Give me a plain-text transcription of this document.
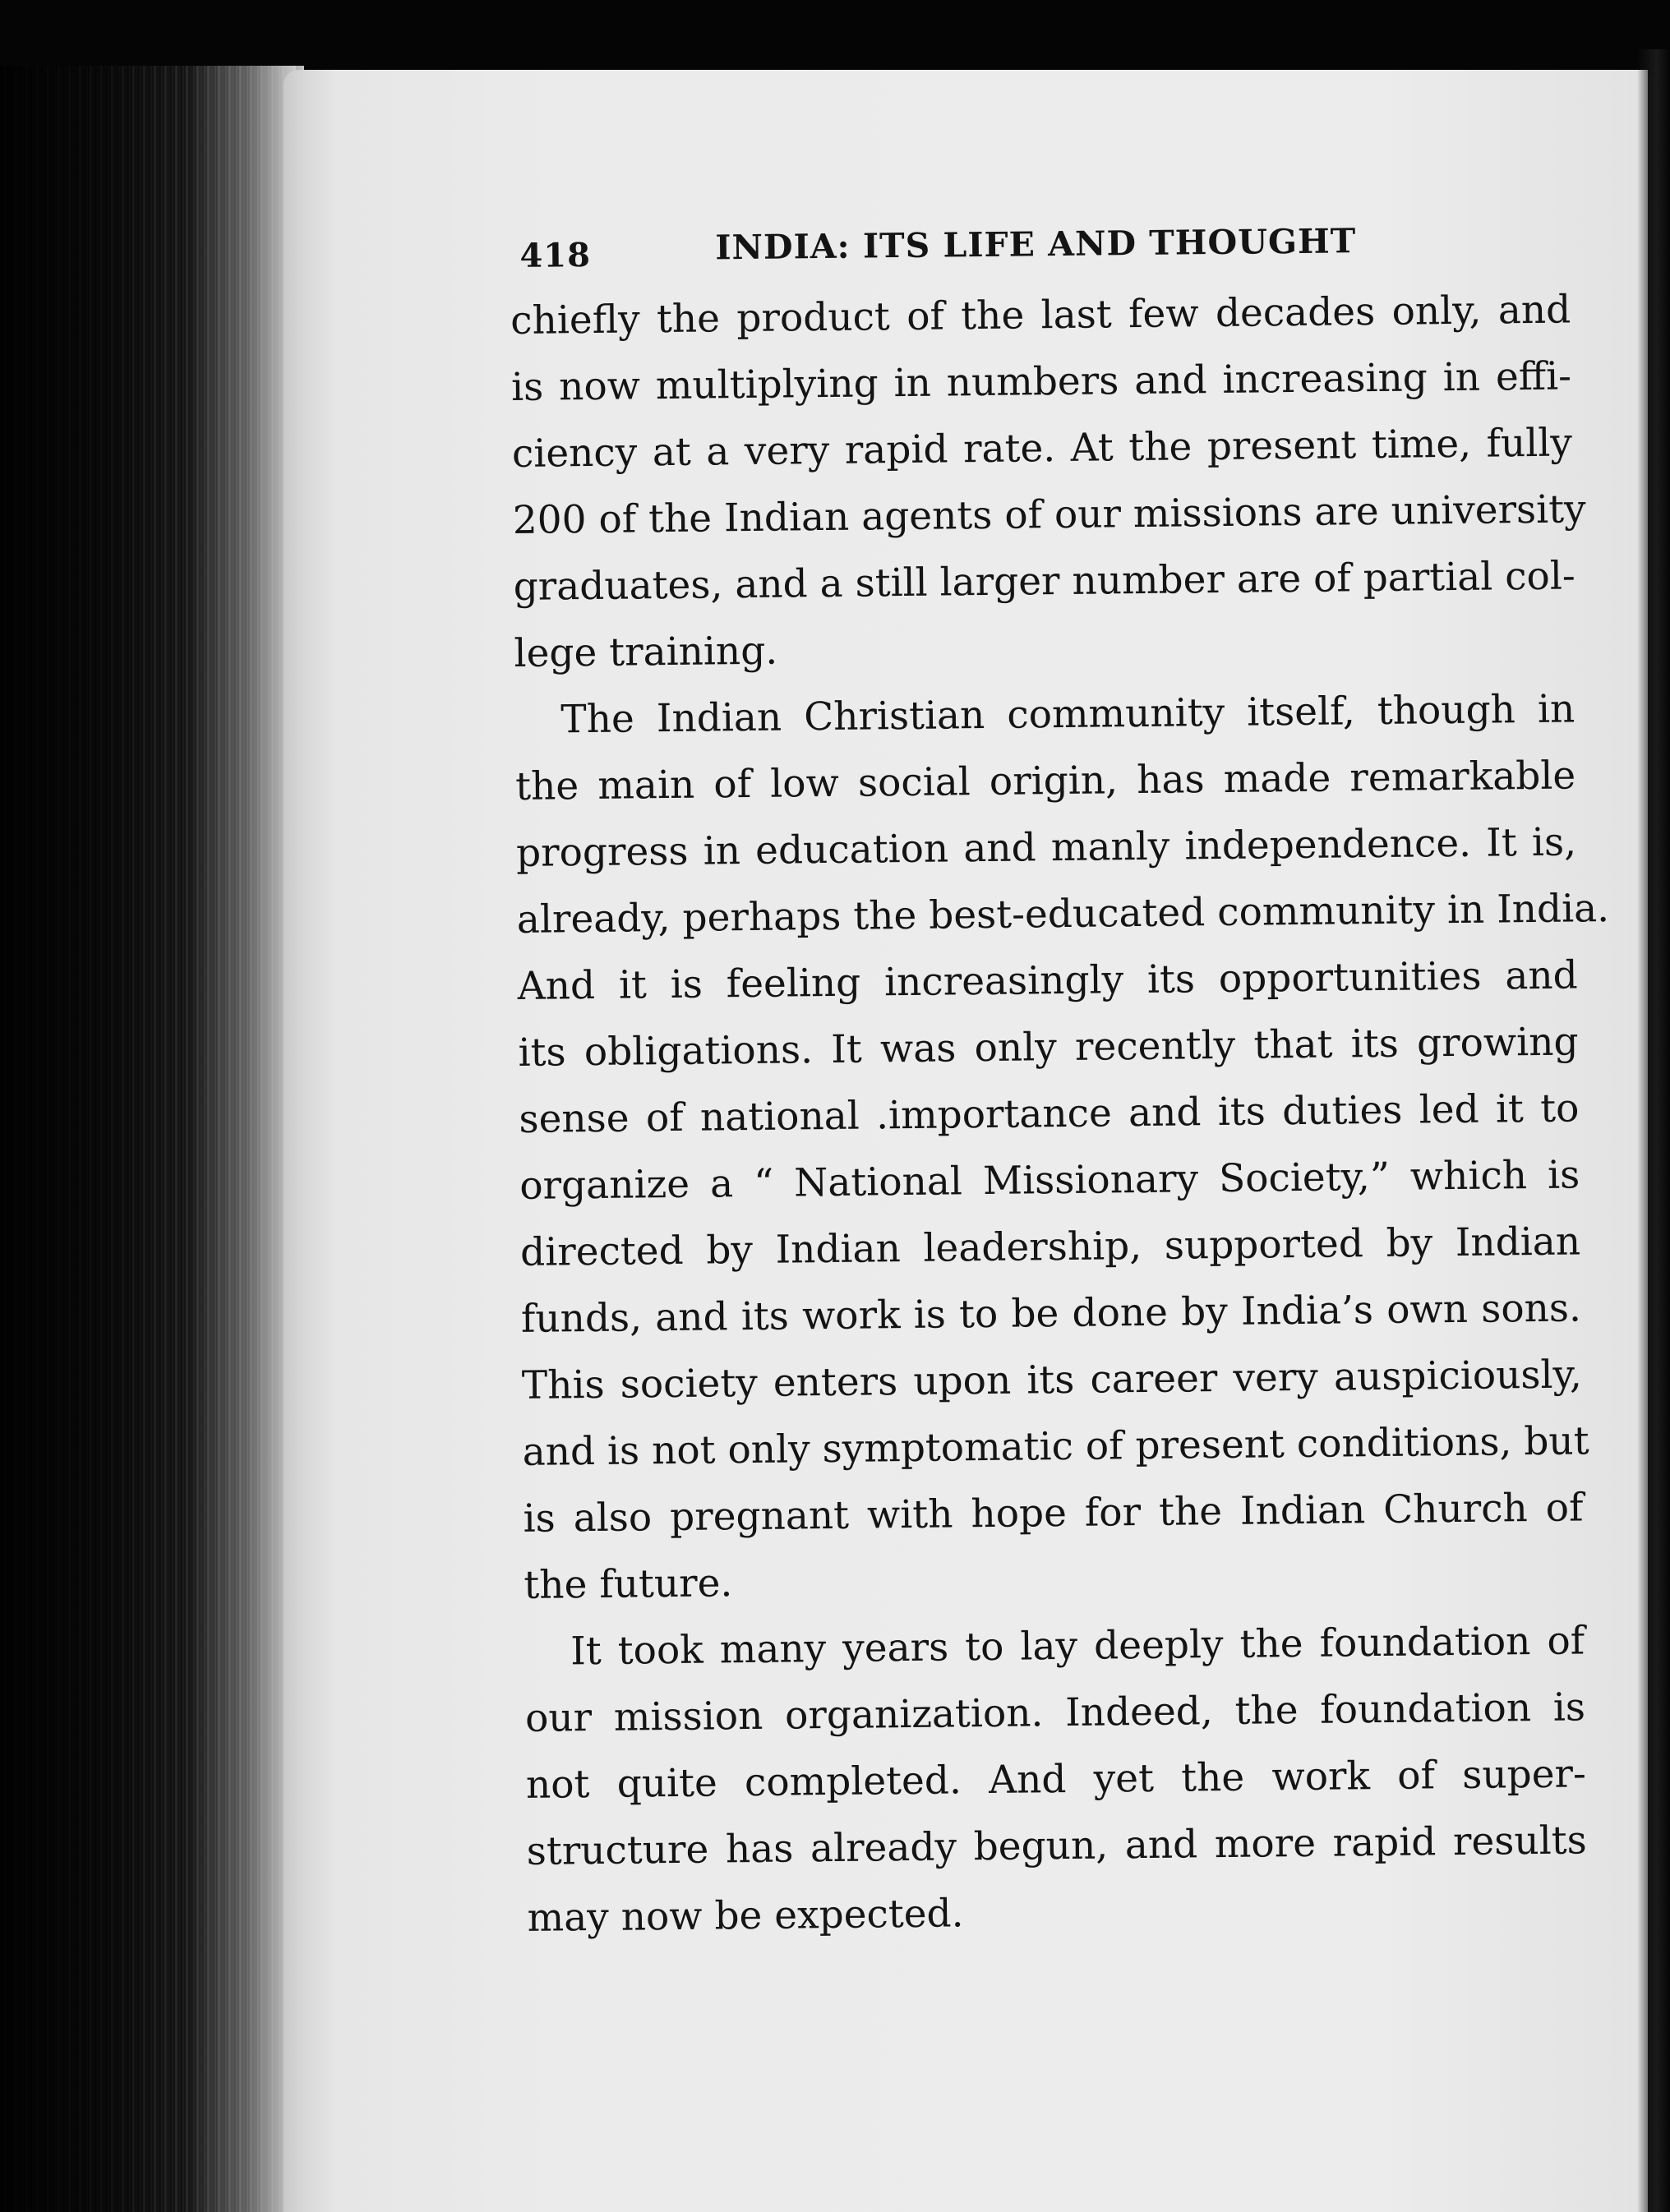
418	INDIA: ITS LIFE AND THOUGHT

chiefly the product of the last few decades only, and
is now multiplying in numbers and increasing in effi-
ciency at a very rapid rate. At the present time, fully
200 of the Indian agents of our missions are university
graduates, and a still larger number are of partial col-
lege training.

The Indian Christian community itself, though in
the main of low social origin, has made remarkable
progress in education and manly independence. It is,
already, perhaps the best-educated community in India.
And it is feeling increasingly its opportunities and
its obligations. It was only recently that its growing
sense of national .importance and its duties led it to
organize a “ National Missionary Society,” which is
directed by Indian leadership, supported by Indian
funds, and its work is to be done by India’s own sons.
This society enters upon its career very auspiciously,
and is not only symptomatic of present conditions, but
is also pregnant with hope for the Indian Church of
the future.

It took many years to lay deeply the foundation of
our mission organization. Indeed, the foundation is
not quite completed. And yet the work of super-
structure has already begun, and more rapid results
may now be expected.
